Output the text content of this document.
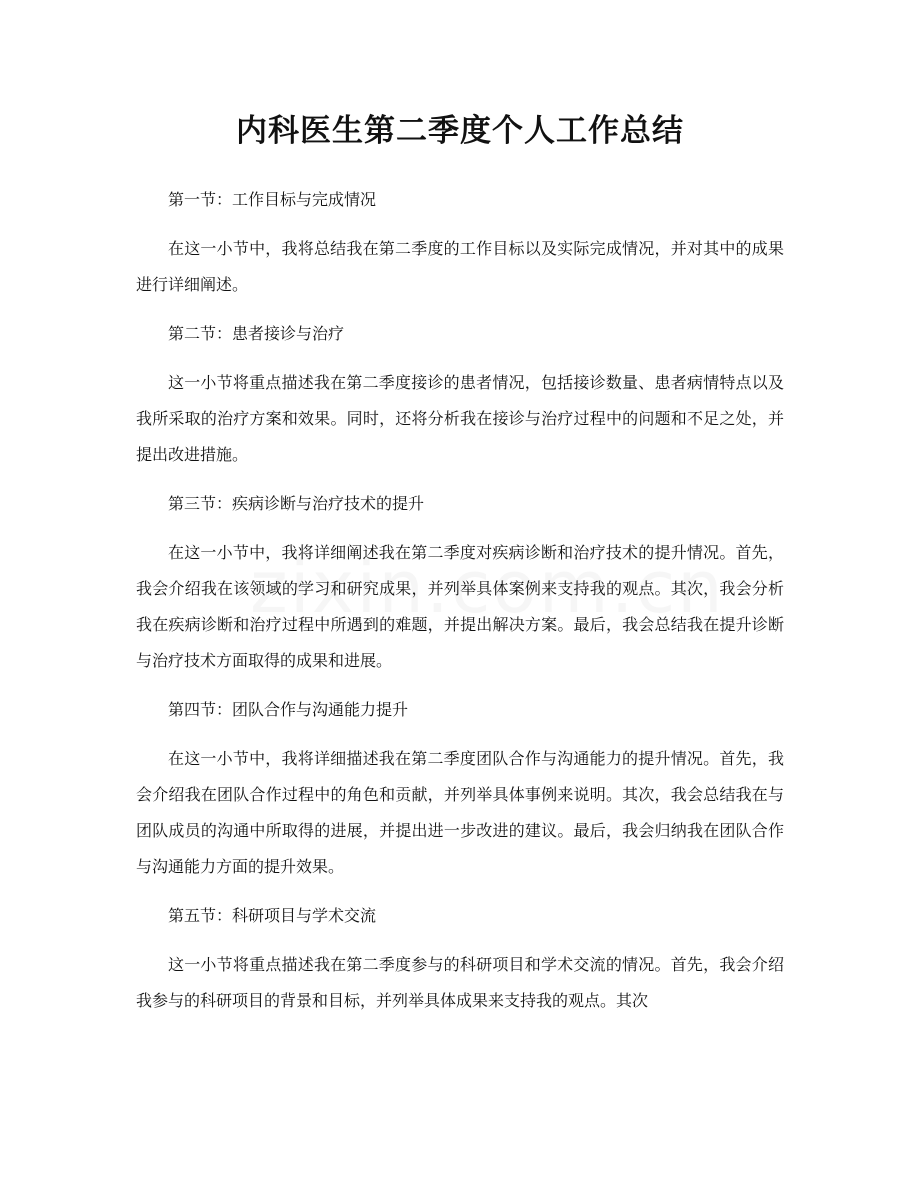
内科医生第二季度个人工作总结

第一节：工作目标与完成情况

在这一小节中，我将总结我在第二季度的工作目标以及实际完成情况，并对其中的成果进行详细阐述。

第二节：患者接诊与治疗

这一小节将重点描述我在第二季度接诊的患者情况，包括接诊数量、患者病情特点以及我所采取的治疗方案和效果。同时，还将分析我在接诊与治疗过程中的问题和不足之处，并提出改进措施。

第三节：疾病诊断与治疗技术的提升

在这一小节中，我将详细阐述我在第二季度对疾病诊断和治疗技术的提升情况。首先，我会介绍我在该领域的学习和研究成果，并列举具体案例来支持我的观点。其次，我会分析我在疾病诊断和治疗过程中所遇到的难题，并提出解决方案。最后，我会总结我在提升诊断与治疗技术方面取得的成果和进展。

第四节：团队合作与沟通能力提升

在这一小节中，我将详细描述我在第二季度团队合作与沟通能力的提升情况。首先，我会介绍我在团队合作过程中的角色和贡献，并列举具体事例来说明。其次，我会总结我在与团队成员的沟通中所取得的进展，并提出进一步改进的建议。最后，我会归纳我在团队合作与沟通能力方面的提升效果。

第五节：科研项目与学术交流

这一小节将重点描述我在第二季度参与的科研项目和学术交流的情况。首先，我会介绍我参与的科研项目的背景和目标，并列举具体成果来支持我的观点。其次
